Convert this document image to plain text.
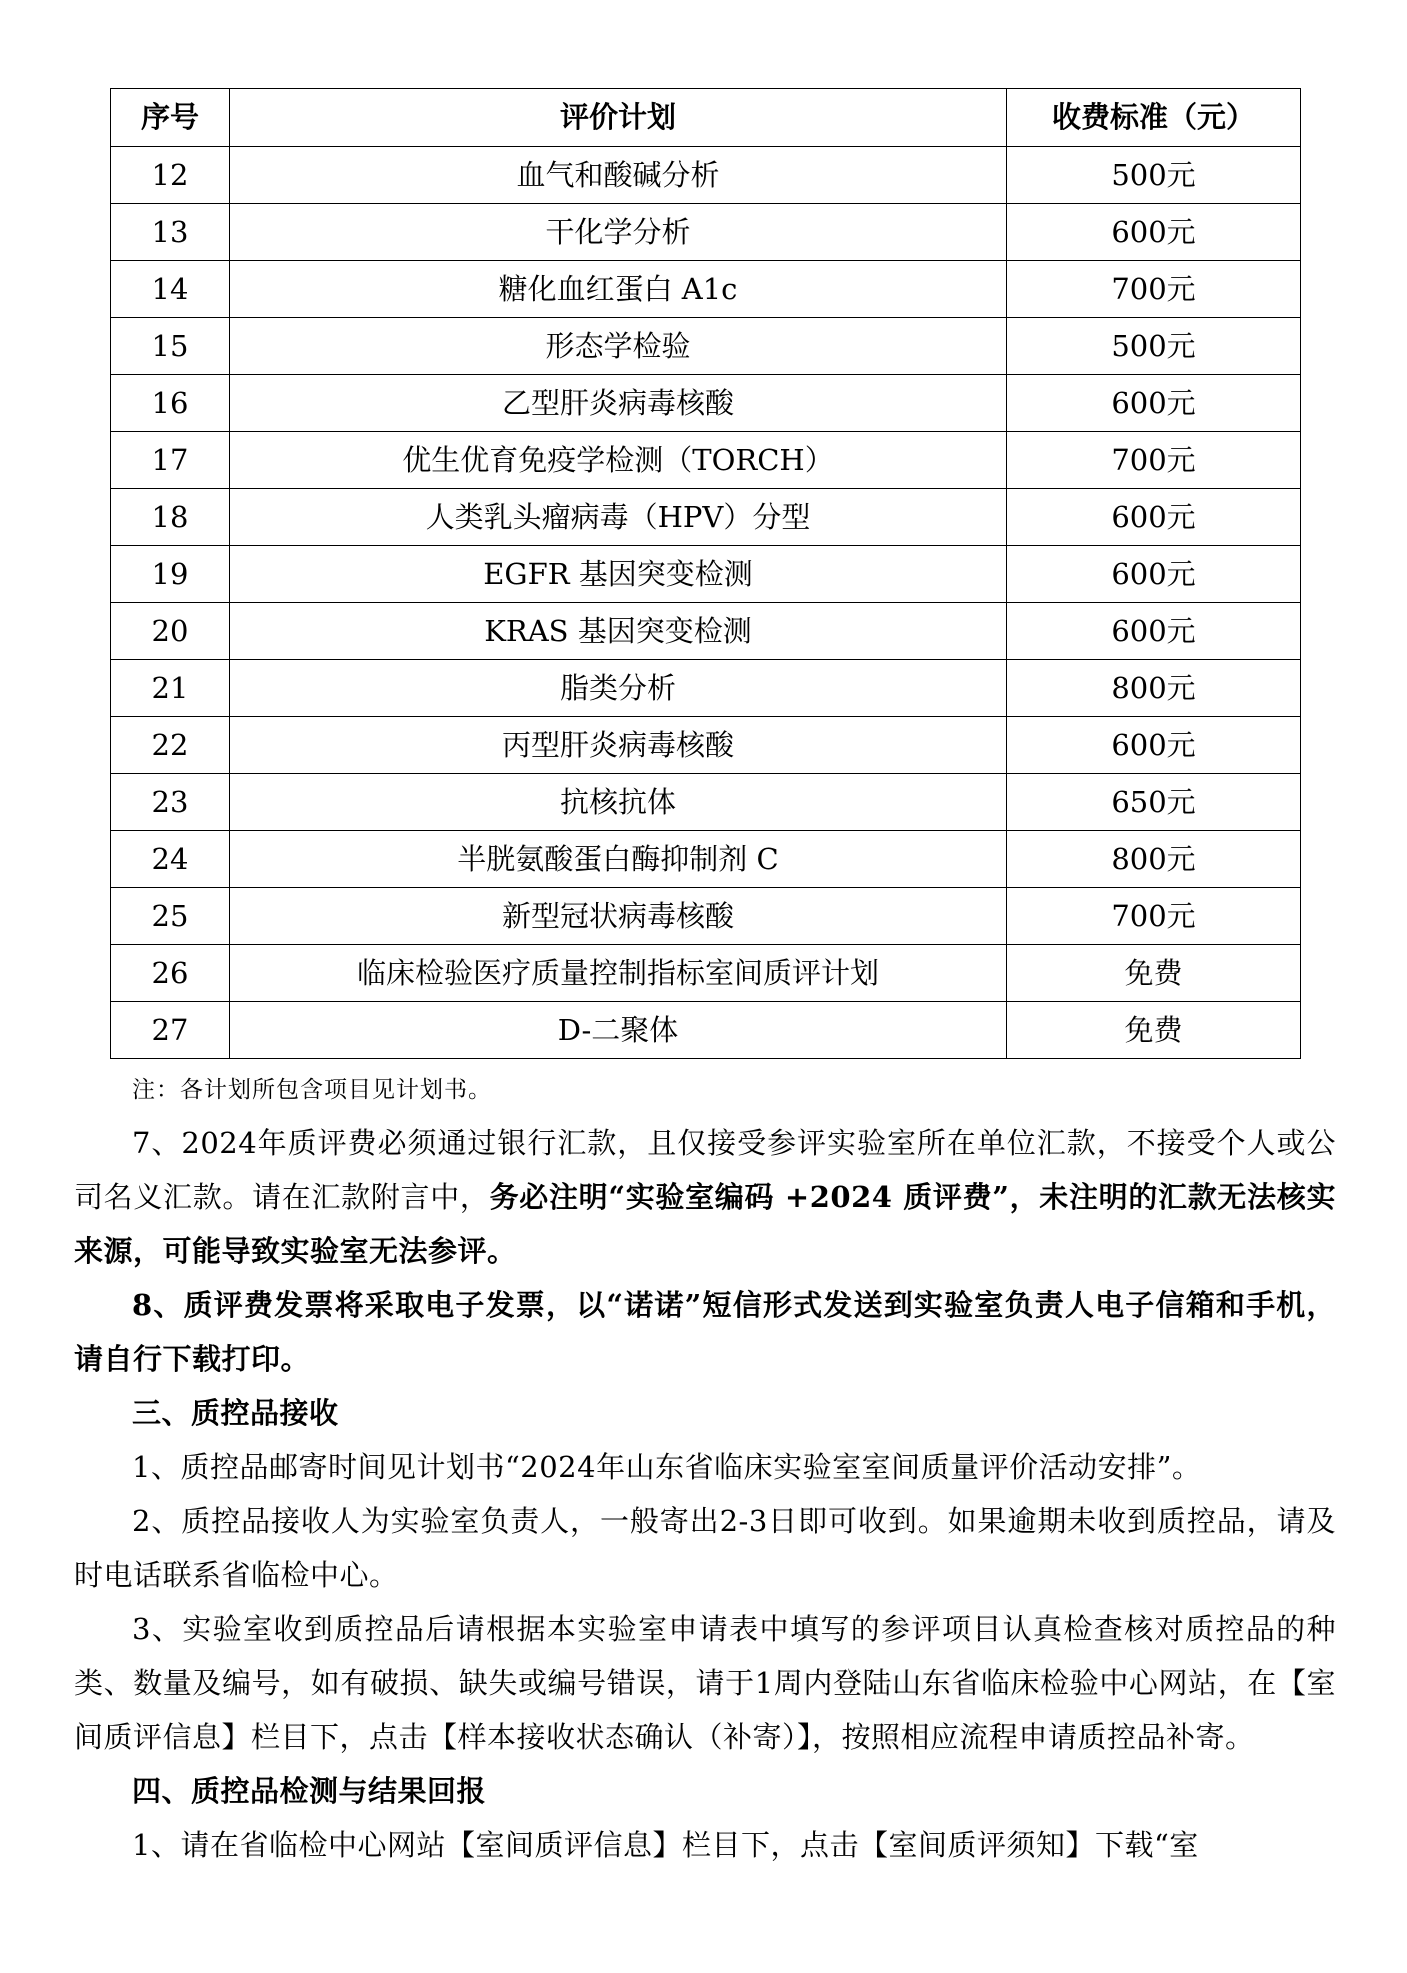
序号	评价计划	收费标准（元）
12	血气和酸碱分析	500元
13	干化学分析	600元
14	糖化血红蛋白 A1c	700元
15	形态学检验	500元
16	乙型肝炎病毒核酸	600元
17	优生优育免疫学检测（TORCH）	700元
18	人类乳头瘤病毒（HPV）分型	600元
19	EGFR 基因突变检测	600元
20	KRAS 基因突变检测	600元
21	脂类分析	800元
22	丙型肝炎病毒核酸	600元
23	抗核抗体	650元
24	半胱氨酸蛋白酶抑制剂 C	800元
25	新型冠状病毒核酸	700元
26	临床检验医疗质量控制指标室间质评计划	免费
27	D-二聚体	免费
注：各计划所包含项目见计划书。

7、2024年质评费必须通过银行汇款，且仅接受参评实验室所在单位汇款，不接受个人或公司名义汇款。请在汇款附言中，务必注明“实验室编码 +2024 质评费”，未注明的汇款无法核实来源，可能导致实验室无法参评。

8、质评费发票将采取电子发票，以“诺诺”短信形式发送到实验室负责人电子信箱和手机，请自行下载打印。

三、质控品接收

1、质控品邮寄时间见计划书“2024年山东省临床实验室室间质量评价活动安排”。

2、质控品接收人为实验室负责人，一般寄出2-3日即可收到。如果逾期未收到质控品，请及时电话联系省临检中心。

3、实验室收到质控品后请根据本实验室申请表中填写的参评项目认真检查核对质控品的种类、数量及编号，如有破损、缺失或编号错误，请于1周内登陆山东省临床检验中心网站，在【室间质评信息】栏目下，点击【样本接收状态确认（补寄）】，按照相应流程申请质控品补寄。

四、质控品检测与结果回报

1、请在省临检中心网站【室间质评信息】栏目下，点击【室间质评须知】下载“室
